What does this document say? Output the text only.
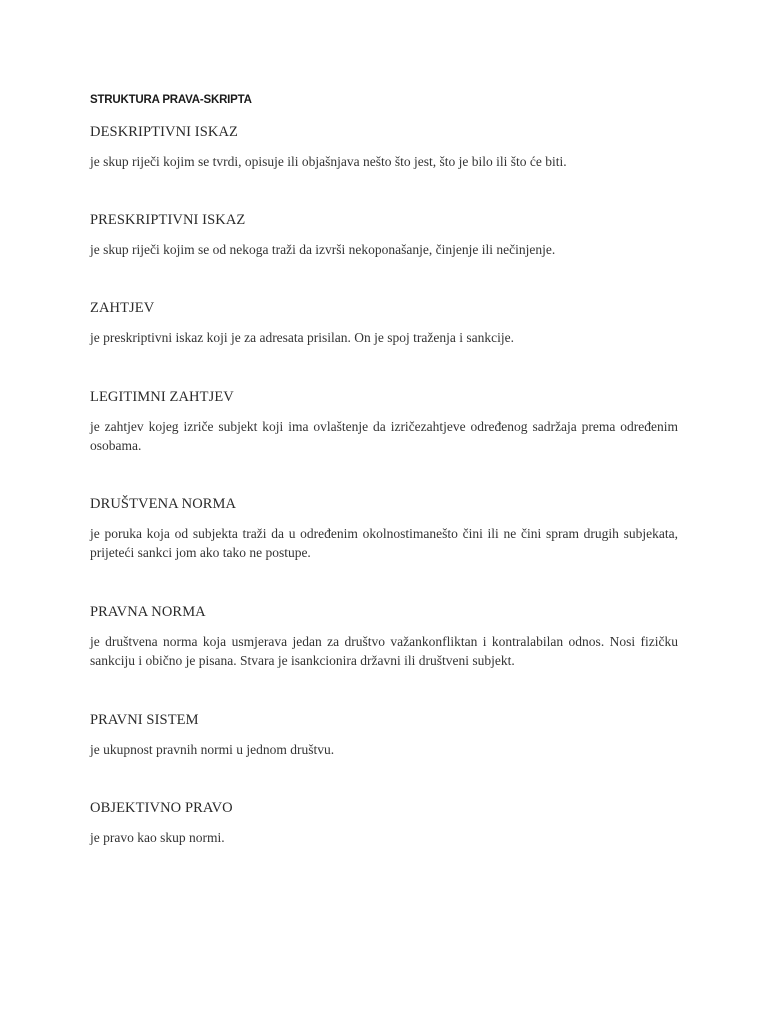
STRUKTURA PRAVA-SKRIPTA
DESKRIPTIVNI ISKAZ
je skup riječi kojim se tvrdi, opisuje ili objašnjava nešto što jest, što je bilo ili što će biti.
PRESKRIPTIVNI ISKAZ
je skup riječi kojim se od nekoga traži da izvrši nekoponašanje, činjenje ili nečinjenje.
ZAHTJEV
je preskriptivni iskaz koji je za adresata prisilan. On je spoj traženja i sankcije.
LEGITIMNI ZAHTJEV
je zahtjev kojeg izriče subjekt koji ima ovlaštenje da izričezahtjeve određenog sadržaja prema određenim osobama.
DRUŠTVENA NORMA
je poruka koja od subjekta traži da u određenim okolnostimanešto čini ili ne čini spram drugih subjekata, prijeteći sankci jom ako tako ne postupe.
PRAVNA NORMA
je društvena norma koja usmjerava jedan za društvo važankonfliktan i kontralabilan odnos. Nosi fizičku sankciju i obično je pisana. Stvara je isankcionira državni ili društveni subjekt.
PRAVNI SISTEM
je ukupnost pravnih normi u jednom društvu.
OBJEKTIVNO PRAVO
je pravo kao skup normi.
